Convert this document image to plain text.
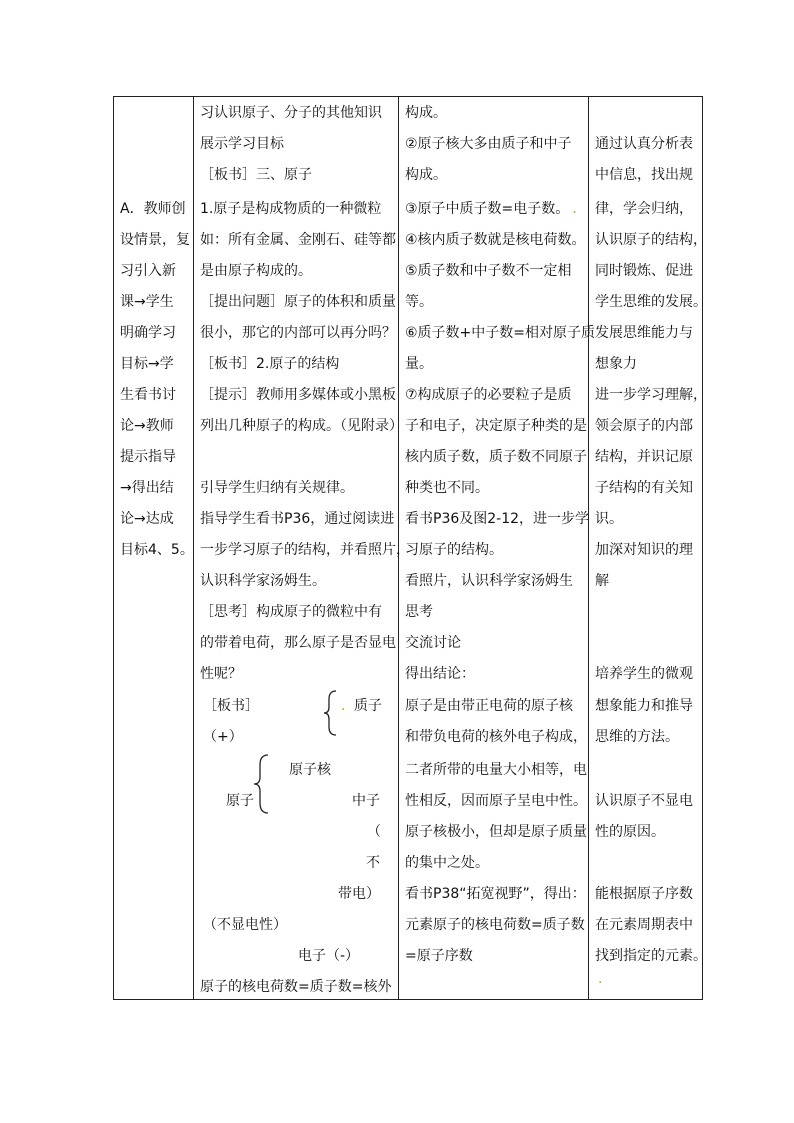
A．教师创
设情景，复
习引入新
课→学生
明确学习
目标→学
生看书讨
论→教师
提示指导
→得出结
论→达成
目标4、5。
习认识原子、分子的其他知识
展示学习目标
［板书］三、原子
1.原子是构成物质的一种微粒
如：所有金属、金刚石、硅等都
是由原子构成的。
［提出问题］原子的体积和质量
很小，那它的内部可以再分吗？
［板书］2.原子的结构
［提示］教师用多媒体或小黑板
列出几种原子的构成。（见附录）
引导学生归纳有关规律。
指导学生看书P36，通过阅读进
一步学习原子的结构，并看照片，
认识科学家汤姆生。
［思考］构成原子的微粒中有
的带着电荷，那么原子是否显电
性呢？
［板书］	. 质子
（+）
原子核
原子	中子
（
不
带电）
（不显电性）
电子（-）
原子的核电荷数=质子数=核外
构成。
②原子核大多由质子和中子
构成。
③原子中质子数=电子数。 .
④核内质子数就是核电荷数。
⑤质子数和中子数不一定相
等。
⑥质子数+中子数=相对原子质
量。
⑦构成原子的必要粒子是质
子和电子，决定原子种类的是
核内质子数，质子数不同原子
种类也不同。
看书P36及图2-12，进一步学
习原子的结构。
看照片，认识科学家汤姆生
思考
交流讨论
得出结论：
原子是由带正电荷的原子核
和带负电荷的核外电子构成，
二者所带的电量大小相等，电
性相反，因而原子呈电中性。
原子核极小，但却是原子质量
的集中之处。
看书P38“拓宽视野”，得出：
元素原子的核电荷数=质子数
=原子序数
通过认真分析表
中信息，找出规
律，学会归纳，
认识原子的结构，
同时锻炼、促进
学生思维的发展。
发展思维能力与
想象力
进一步学习理解，
领会原子的内部
结构，并识记原
子结构的有关知
识。
加深对知识的理
解
培养学生的微观
想象能力和推导
思维的方法。
认识原子不显电
性的原因。
能根据原子序数
在元素周期表中
找到指定的元素。
.
